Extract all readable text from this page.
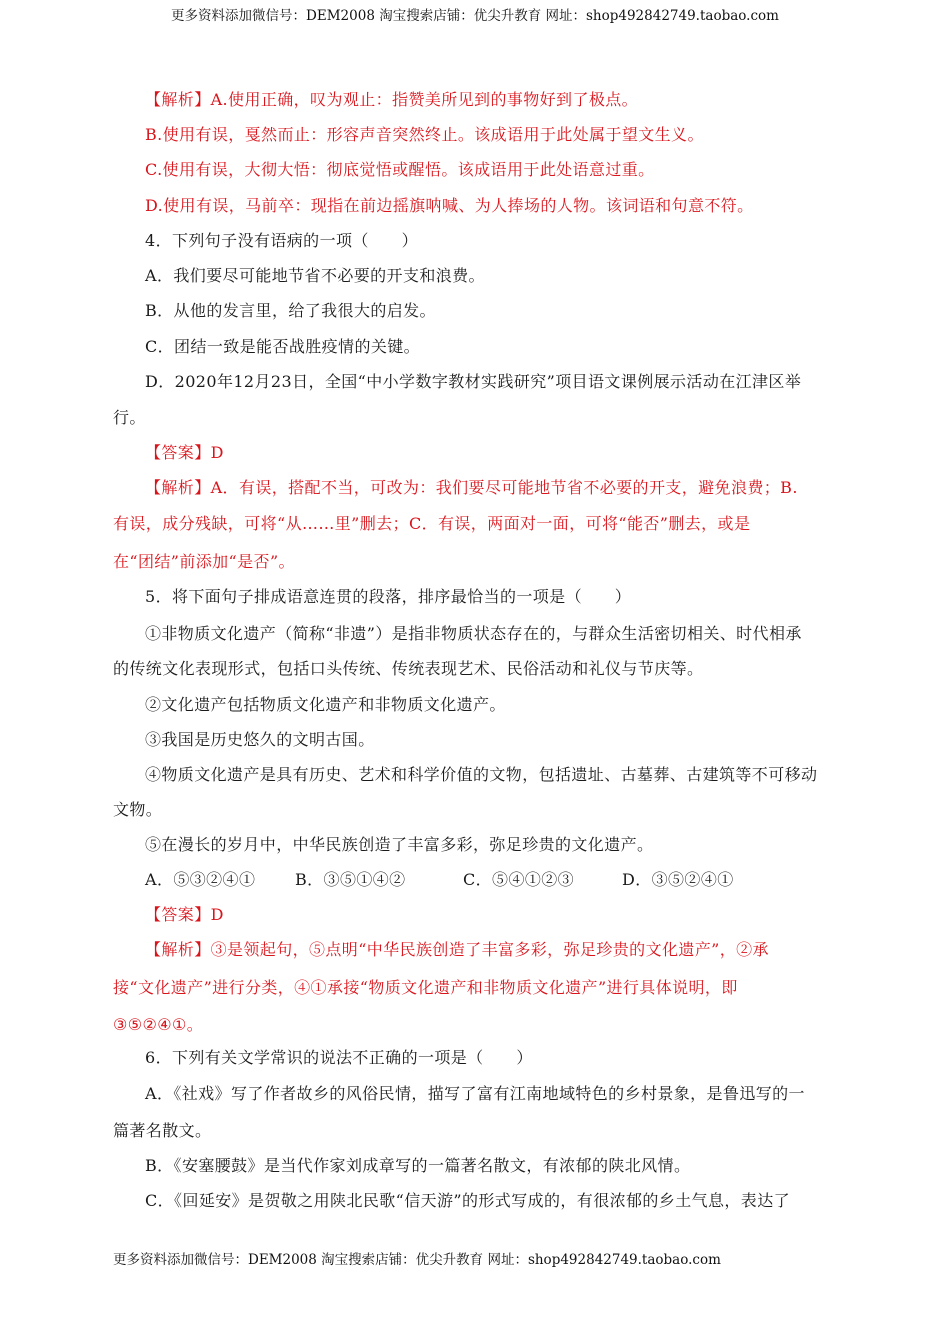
更多资料添加微信号：DEM2008 淘宝搜索店铺：优尖升教育 网址：shop492842749.taobao.com
【解析】A.使用正确，叹为观止：指赞美所见到的事物好到了极点。
B.使用有误，戛然而止：形容声音突然终止。该成语用于此处属于望文生义。
C.使用有误，大彻大悟：彻底觉悟或醒悟。该成语用于此处语意过重。
D.使用有误，马前卒：现指在前边摇旗呐喊、为人捧场的人物。该词语和句意不符。
4．下列句子没有语病的一项（　　）
A．我们要尽可能地节省不必要的开支和浪费。
B．从他的发言里，给了我很大的启发。
C．团结一致是能否战胜疫情的关键。
D．2020年12月23日，全国“中小学数字教材实践研究”项目语文课例展示活动在江津区举
行。
【答案】D
【解析】A．有误，搭配不当，可改为：我们要尽可能地节省不必要的开支，避免浪费；B.
有误，成分残缺，可将“从……里”删去；C．有误，两面对一面，可将“能否”删去，或是
在“团结”前添加“是否”。
5．将下面句子排成语意连贯的段落，排序最恰当的一项是（　　）
①非物质文化遗产（简称“非遗”）是指非物质状态存在的，与群众生活密切相关、时代相承
的传统文化表现形式，包括口头传统、传统表现艺术、民俗活动和礼仪与节庆等。
②文化遗产包括物质文化遗产和非物质文化遗产。
③我国是历史悠久的文明古国。
④物质文化遗产是具有历史、艺术和科学价值的文物，包括遗址、古墓葬、古建筑等不可移动
文物。
⑤在漫长的岁月中，中华民族创造了丰富多彩，弥足珍贵的文化遗产。
A．⑤③②④① B．③⑤①④②	C．⑤④①②③	D．③⑤②④①
【答案】D
【解析】③是领起句，⑤点明“中华民族创造了丰富多彩，弥足珍贵的文化遗产”，②承
接“文化遗产”进行分类，④①承接“物质文化遗产和非物质文化遗产”进行具体说明，即
③⑤②④①。
6．下列有关文学常识的说法不正确的一项是（　　）
A．《社戏》写了作者故乡的风俗民情，描写了富有江南地域特色的乡村景象，是鲁迅写的一
篇著名散文。
B．《安塞腰鼓》是当代作家刘成章写的一篇著名散文，有浓郁的陕北风情。
C．《回延安》是贺敬之用陕北民歌“信天游”的形式写成的，有很浓郁的乡土气息，表达了
更多资料添加微信号：DEM2008 淘宝搜索店铺：优尖升教育 网址：shop492842749.taobao.com
